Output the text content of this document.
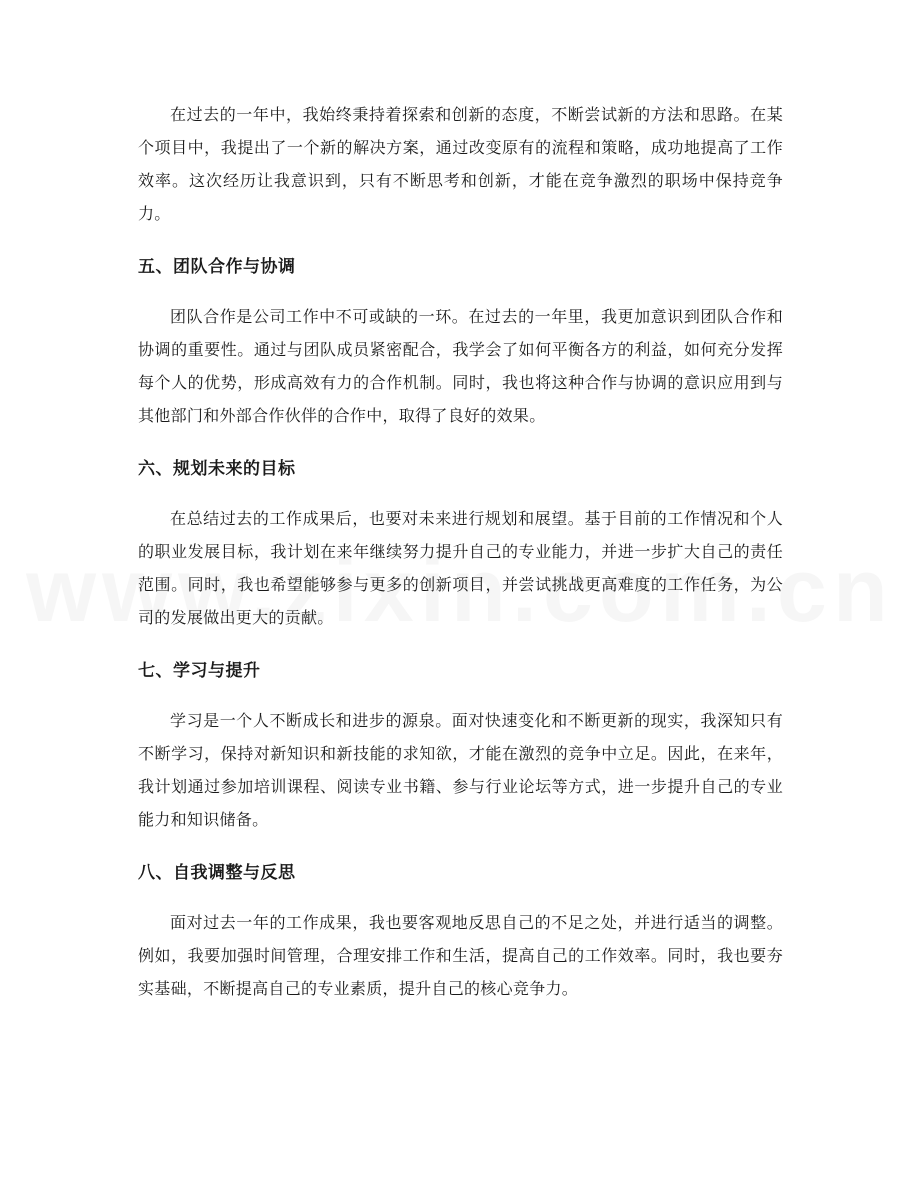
在过去的一年中，我始终秉持着探索和创新的态度，不断尝试新的方法和思路。在某个项目中，我提出了一个新的解决方案，通过改变原有的流程和策略，成功地提高了工作效率。这次经历让我意识到，只有不断思考和创新，才能在竞争激烈的职场中保持竞争力。

五、团队合作与协调

团队合作是公司工作中不可或缺的一环。在过去的一年里，我更加意识到团队合作和协调的重要性。通过与团队成员紧密配合，我学会了如何平衡各方的利益，如何充分发挥每个人的优势，形成高效有力的合作机制。同时，我也将这种合作与协调的意识应用到与其他部门和外部合作伙伴的合作中，取得了良好的效果。

六、规划未来的目标

在总结过去的工作成果后，也要对未来进行规划和展望。基于目前的工作情况和个人的职业发展目标，我计划在来年继续努力提升自己的专业能力，并进一步扩大自己的责任范围。同时，我也希望能够参与更多的创新项目，并尝试挑战更高难度的工作任务，为公司的发展做出更大的贡献。

七、学习与提升

学习是一个人不断成长和进步的源泉。面对快速变化和不断更新的现实，我深知只有不断学习，保持对新知识和新技能的求知欲，才能在激烈的竞争中立足。因此，在来年，我计划通过参加培训课程、阅读专业书籍、参与行业论坛等方式，进一步提升自己的专业能力和知识储备。

八、自我调整与反思

面对过去一年的工作成果，我也要客观地反思自己的不足之处，并进行适当的调整。例如，我要加强时间管理，合理安排工作和生活，提高自己的工作效率。同时，我也要夯实基础，不断提高自己的专业素质，提升自己的核心竞争力。
